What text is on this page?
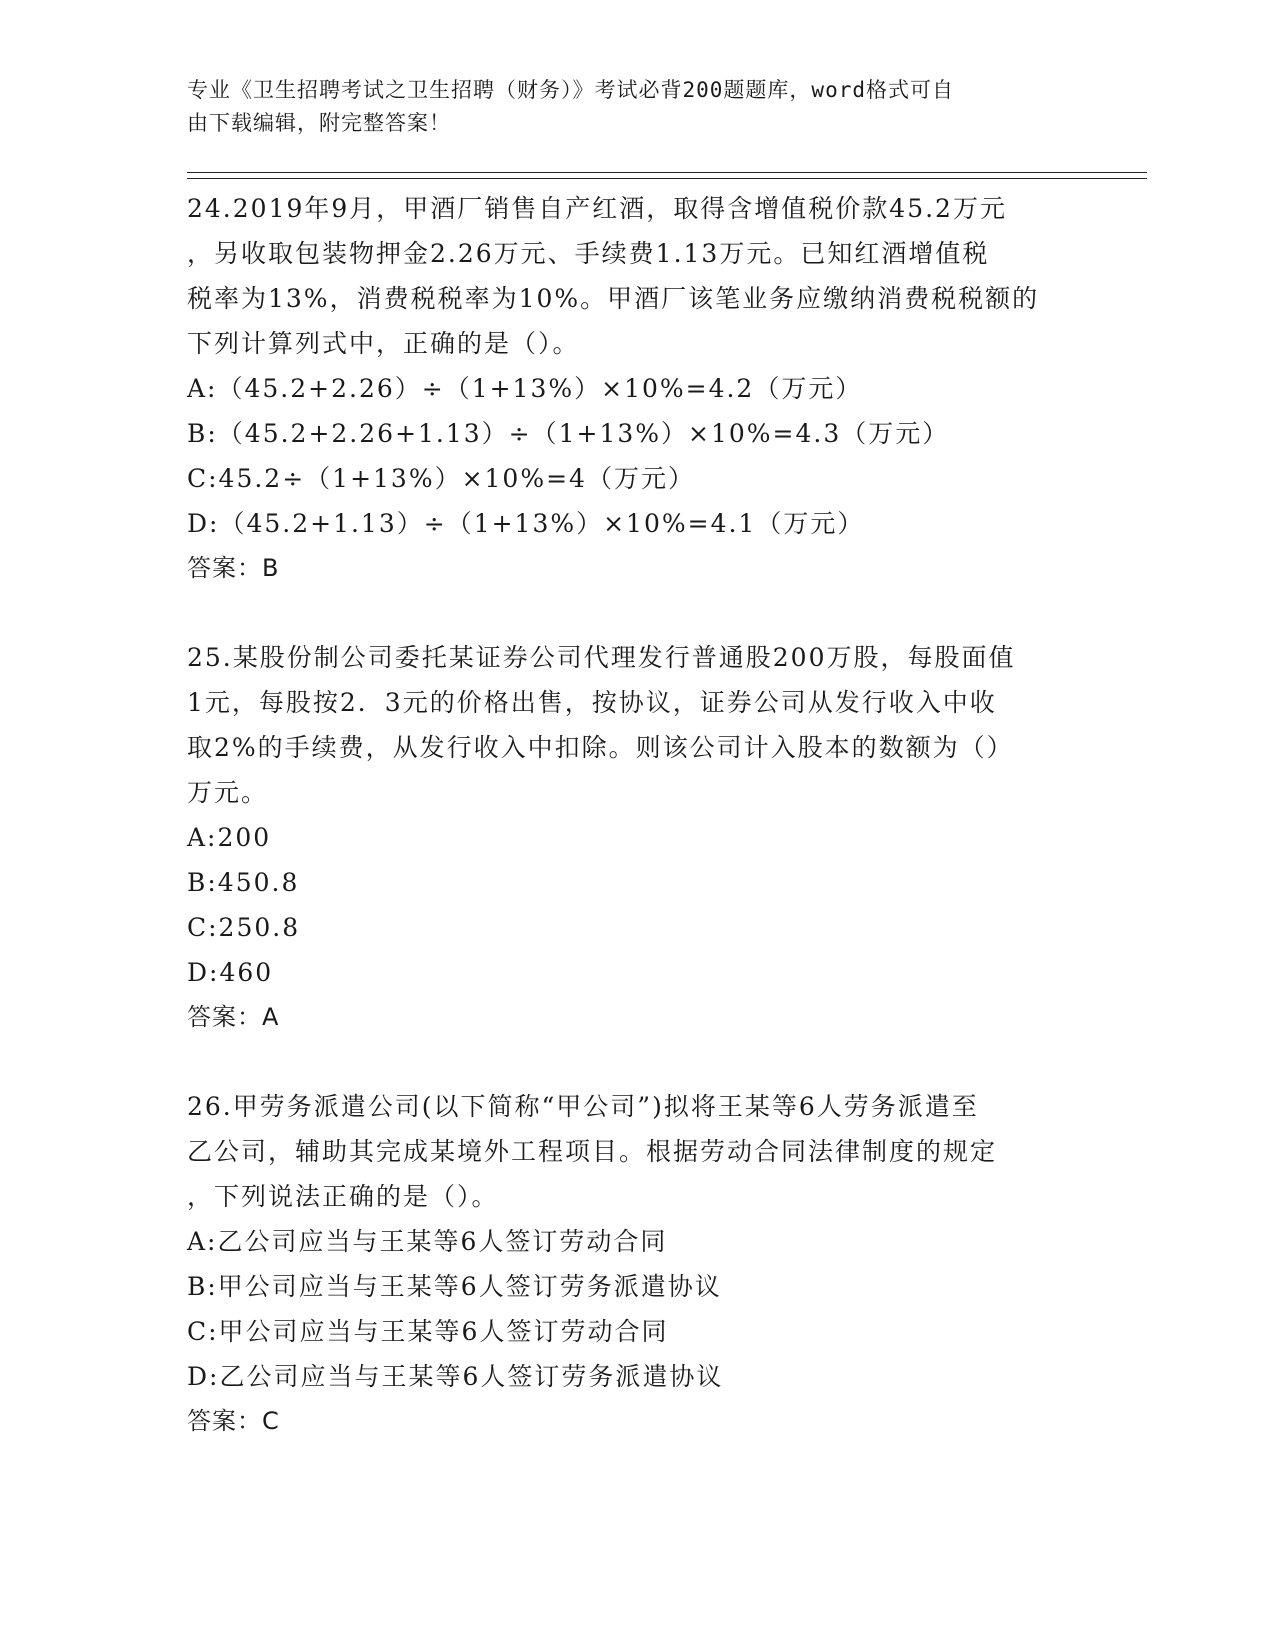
专业《卫生招聘考试之卫生招聘（财务）》考试必背200题题库，word格式可自
由下载编辑，附完整答案！

24.2019年9月，甲酒厂销售自产红酒，取得含增值税价款45.2万元
，另收取包装物押金2.26万元、手续费1.13万元。已知红酒增值税
税率为13%，消费税税率为10%。甲酒厂该笔业务应缴纳消费税税额的
下列计算列式中，正确的是（）。

A:（45.2+2.26）÷（1+13%）×10%=4.2（万元）
B:（45.2+2.26+1.13）÷（1+13%）×10%=4.3（万元）
C:45.2÷（1+13%）×10%=4（万元）
D:（45.2+1.13）÷（1+13%）×10%=4.1（万元）
答案：B

25.某股份制公司委托某证券公司代理发行普通股200万股，每股面值
1元，每股按2．3元的价格出售，按协议，证券公司从发行收入中收
取2%的手续费，从发行收入中扣除。则该公司计入股本的数额为（）
万元。

A:200
B:450.8
C:250.8
D:460
答案：A

26.甲劳务派遣公司(以下简称“甲公司”)拟将王某等6人劳务派遣至
乙公司，辅助其完成某境外工程项目。根据劳动合同法律制度的规定
，下列说法正确的是（）。

A:乙公司应当与王某等6人签订劳动合同
B:甲公司应当与王某等6人签订劳务派遣协议
C:甲公司应当与王某等6人签订劳动合同
D:乙公司应当与王某等6人签订劳务派遣协议
答案：C
